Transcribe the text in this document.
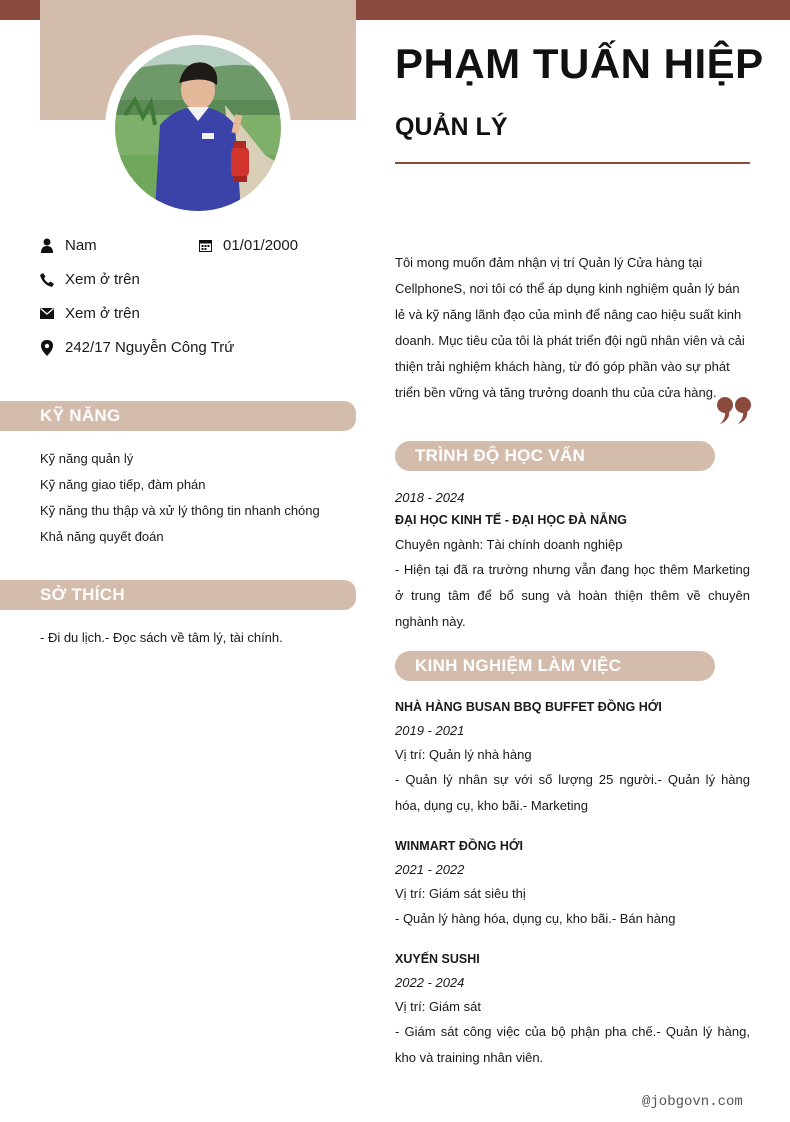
PHẠM TUẤN HIỆP
QUẢN LÝ
Nam	01/01/2000
Xem ở trên
Xem ở trên
242/17 Nguyễn Công Trứ
KỸ NĂNG
Kỹ năng quản lý
Kỹ năng giao tiếp, đàm phán
Kỹ năng thu thập và xử lý thông tin nhanh chóng
Khả năng quyết đoán
SỞ THÍCH
- Đi du lịch.- Đọc sách về tâm lý, tài chính.
Tôi mong muốn đảm nhận vị trí Quản lý Cửa hàng tại CellphoneS, nơi tôi có thể áp dụng kinh nghiệm quản lý bán lẻ và kỹ năng lãnh đạo của mình để nâng cao hiệu suất kinh doanh. Mục tiêu của tôi là phát triển đội ngũ nhân viên và cải thiện trải nghiệm khách hàng, từ đó góp phần vào sự phát triển bền vững và tăng trưởng doanh thu của cửa hàng.
TRÌNH ĐỘ HỌC VẤN
2018 - 2024
ĐẠI HỌC KINH TẾ - ĐẠI HỌC ĐÀ NẴNG
Chuyên ngành: Tài chính doanh nghiệp
- Hiện tại đã ra trường nhưng vẫn đang học thêm Marketing ở trung tâm để bổ sung và hoàn thiện thêm về chuyên nghành này.
KINH NGHIỆM LÀM VIỆC
NHÀ HÀNG BUSAN BBQ BUFFET ĐỒNG HỚI
2019 - 2021
Vị trí: Quản lý nhà hàng
- Quản lý nhân sự với số lượng 25 người.- Quản lý hàng hóa, dụng cụ, kho bãi.- Marketing
WINMART ĐỒNG HỚI
2021 - 2022
Vị trí: Giám sát siêu thị
- Quản lý hàng hóa, dụng cụ, kho bãi.- Bán hàng
XUYẾN SUSHI
2022 - 2024
Vị trí: Giám sát
- Giám sát công việc của bộ phận pha chế.- Quản lý hàng, kho và training nhân viên.
@jobgovn.com
